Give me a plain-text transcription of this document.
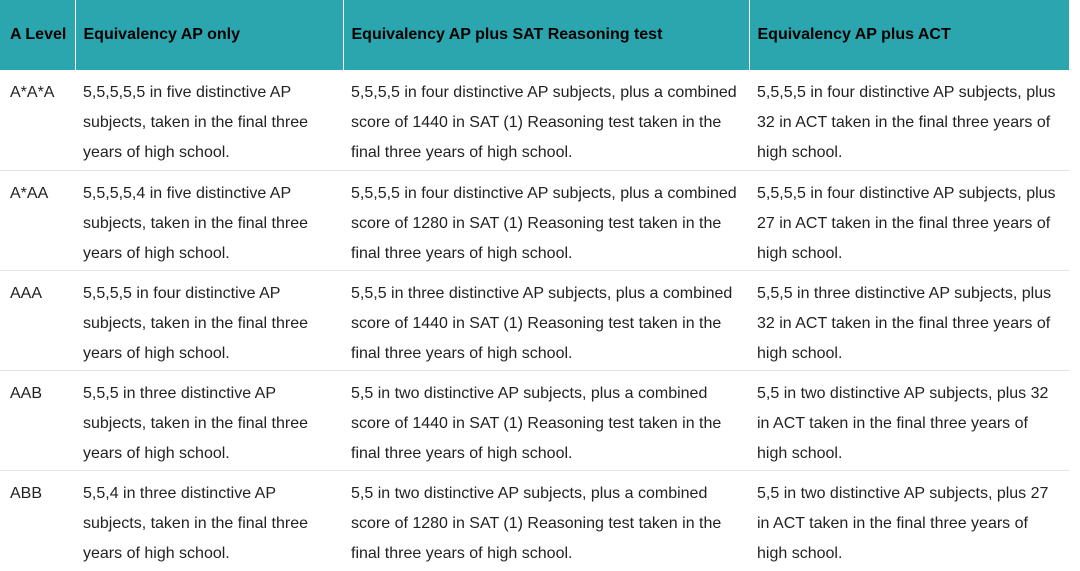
A Level	Equivalency AP only	Equivalency AP plus SAT Reasoning test	Equivalency AP plus ACT
A*A*A	5,5,5,5,5 in five distinctive AP subjects, taken in the final three years of high school.	5,5,5,5 in four distinctive AP subjects, plus a combined score of 1440 in SAT (1) Reasoning test taken in the final three years of high school.	5,5,5,5 in four distinctive AP subjects, plus 32 in ACT taken in the final three years of high school.
A*AA	5,5,5,5,4 in five distinctive AP subjects, taken in the final three years of high school.	5,5,5,5 in four distinctive AP subjects, plus a combined score of 1280 in SAT (1) Reasoning test taken in the final three years of high school.	5,5,5,5 in four distinctive AP subjects, plus 27 in ACT taken in the final three years of high school.
AAA	5,5,5,5 in four distinctive AP subjects, taken in the final three years of high school.	5,5,5 in three distinctive AP subjects, plus a combined score of 1440 in SAT (1) Reasoning test taken in the final three years of high school.	5,5,5 in three distinctive AP subjects, plus 32 in ACT taken in the final three years of high school.
AAB	5,5,5 in three distinctive AP subjects, taken in the final three years of high school.	5,5 in two distinctive AP subjects, plus a combined score of 1440 in SAT (1) Reasoning test taken in the final three years of high school.	5,5 in two distinctive AP subjects, plus 32 in ACT taken in the final three years of high school.
ABB	5,5,4 in three distinctive AP subjects, taken in the final three years of high school.	5,5 in two distinctive AP subjects, plus a combined score of 1280 in SAT (1) Reasoning test taken in the final three years of high school.	5,5 in two distinctive AP subjects, plus 27 in ACT taken in the final three years of high school.
